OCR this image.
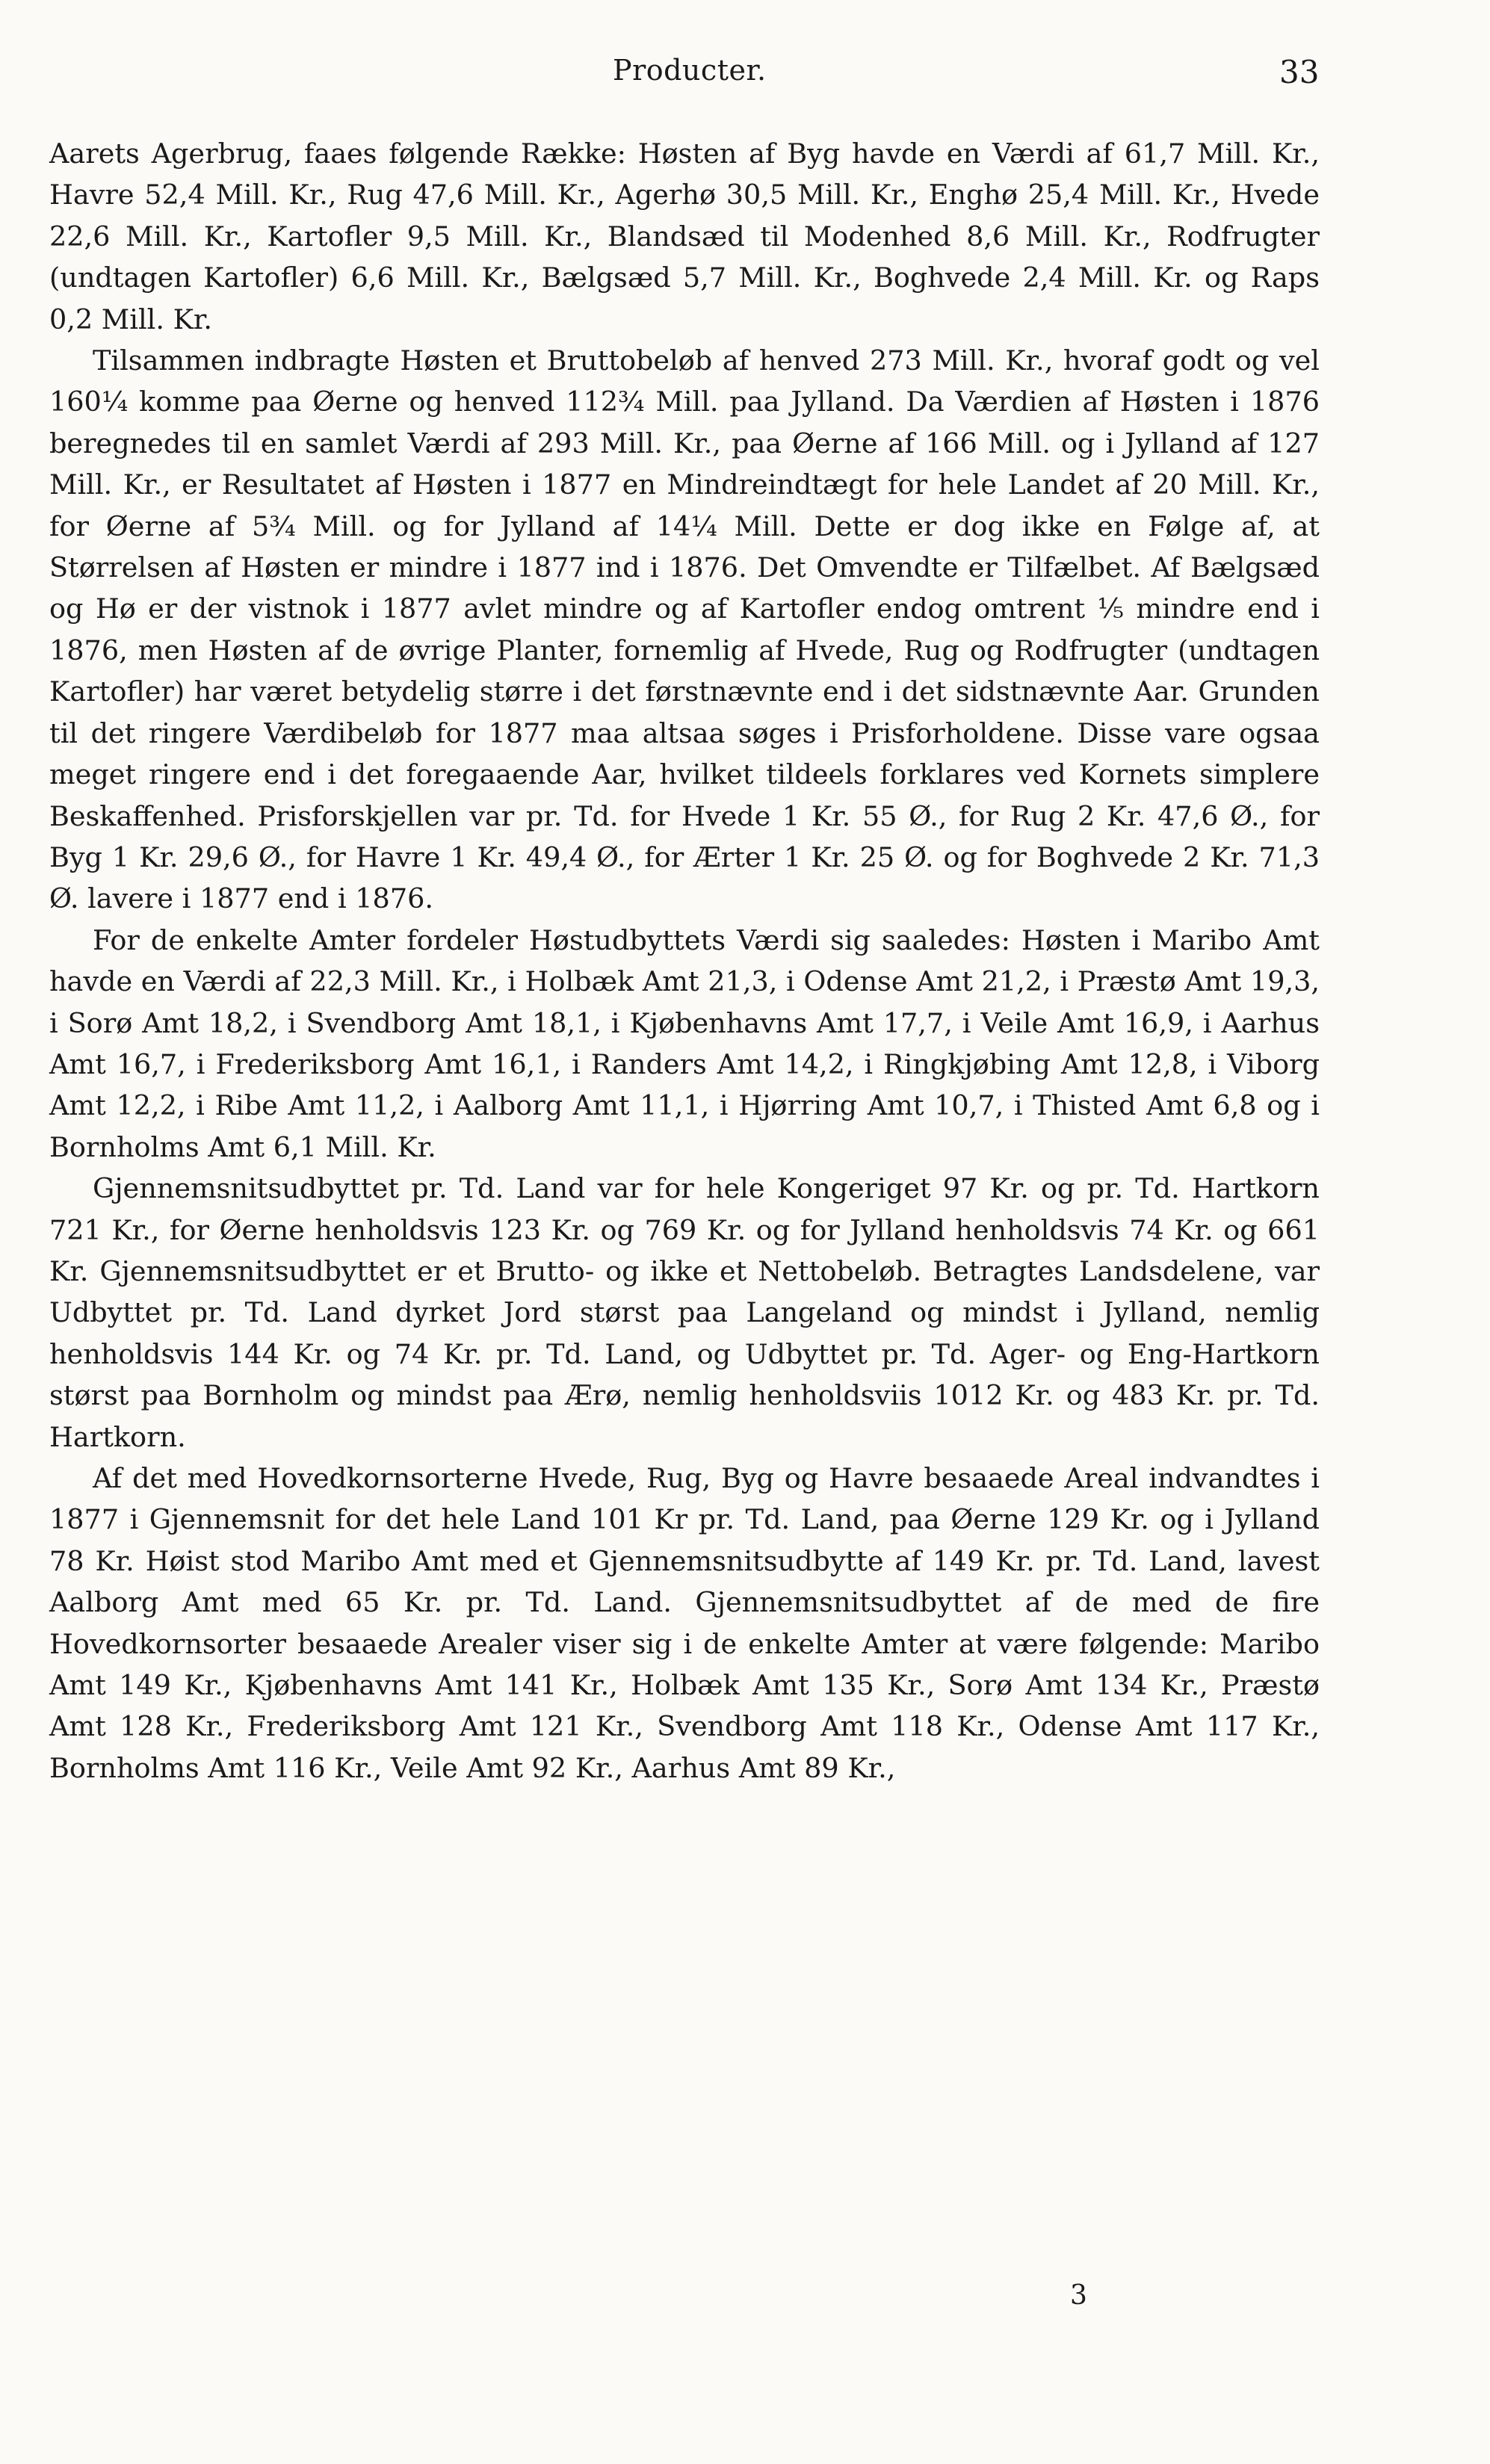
Producter.	33

Aarets Agerbrug, faaes følgende Række: Høsten af Byg havde en Værdi af 61,7 Mill. Kr., Havre 52,4 Mill. Kr., Rug 47,6 Mill. Kr., Agerhø 30,5 Mill. Kr., Enghø 25,4 Mill. Kr., Hvede 22,6 Mill. Kr., Kartofler 9,5 Mill. Kr., Blandsæd til Modenhed 8,6 Mill. Kr., Rodfrugter (undtagen Kartofler) 6,6 Mill. Kr., Bælgsæd 5,7 Mill. Kr., Boghvede 2,4 Mill. Kr. og Raps 0,2 Mill. Kr.

Tilsammen indbragte Høsten et Bruttobeløb af henved 273 Mill. Kr., hvoraf godt og vel 160¼ komme paa Øerne og henved 112¾ Mill. paa Jylland. Da Værdien af Høsten i 1876 beregnedes til en samlet Værdi af 293 Mill. Kr., paa Øerne af 166 Mill. og i Jylland af 127 Mill. Kr., er Resultatet af Høsten i 1877 en Mindreindtægt for hele Landet af 20 Mill. Kr., for Øerne af 5¾ Mill. og for Jylland af 14¼ Mill. Dette er dog ikke en Følge af, at Størrelsen af Høsten er mindre i 1877 ind i 1876. Det Omvendte er Tilfælbet. Af Bælgsæd og Hø er der vistnok i 1877 avlet mindre og af Kartofler endog omtrent ⅕ mindre end i 1876, men Høsten af de øvrige Planter, fornemlig af Hvede, Rug og Rodfrugter (undtagen Kartofler) har været betydelig større i det førstnævnte end i det sidstnævnte Aar. Grunden til det ringere Værdibeløb for 1877 maa altsaa søges i Prisforholdene. Disse vare ogsaa meget ringere end i det foregaaende Aar, hvilket tildeels forklares ved Kornets simplere Beskaffenhed. Prisforskjellen var pr. Td. for Hvede 1 Kr. 55 Ø., for Rug 2 Kr. 47,6 Ø., for Byg 1 Kr. 29,6 Ø., for Havre 1 Kr. 49,4 Ø., for Ærter 1 Kr. 25 Ø. og for Boghvede 2 Kr. 71,3 Ø. lavere i 1877 end i 1876.

For de enkelte Amter fordeler Høstudbyttets Værdi sig saaledes: Høsten i Maribo Amt havde en Værdi af 22,3 Mill. Kr., i Holbæk Amt 21,3, i Odense Amt 21,2, i Præstø Amt 19,3, i Sorø Amt 18,2, i Svendborg Amt 18,1, i Kjøbenhavns Amt 17,7, i Veile Amt 16,9, i Aarhus Amt 16,7, i Frederiksborg Amt 16,1, i Randers Amt 14,2, i Ringkjøbing Amt 12,8, i Viborg Amt 12,2, i Ribe Amt 11,2, i Aalborg Amt 11,1, i Hjørring Amt 10,7, i Thisted Amt 6,8 og i Bornholms Amt 6,1 Mill. Kr.

Gjennemsnitsudbyttet pr. Td. Land var for hele Kongeriget 97 Kr. og pr. Td. Hartkorn 721 Kr., for Øerne henholdsvis 123 Kr. og 769 Kr. og for Jylland henholdsvis 74 Kr. og 661 Kr. Gjennemsnitsudbyttet er et Brutto- og ikke et Nettobeløb. Betragtes Landsdelene, var Udbyttet pr. Td. Land dyrket Jord størst paa Langeland og mindst i Jylland, nemlig henholdsvis 144 Kr. og 74 Kr. pr. Td. Land, og Udbyttet pr. Td. Ager- og Eng-Hartkorn størst paa Bornholm og mindst paa Ærø, nemlig henholdsviis 1012 Kr. og 483 Kr. pr. Td. Hartkorn.

Af det med Hovedkornsorterne Hvede, Rug, Byg og Havre besaaede Areal indvandtes i 1877 i Gjennemsnit for det hele Land 101 Kr pr. Td. Land, paa Øerne 129 Kr. og i Jylland 78 Kr. Høist stod Maribo Amt med et Gjennemsnitsudbytte af 149 Kr. pr. Td. Land, lavest Aalborg Amt med 65 Kr. pr. Td. Land. Gjennemsnitsudbyttet af de med de fire Hovedkornsorter besaaede Arealer viser sig i de enkelte Amter at være følgende: Maribo Amt 149 Kr., Kjøbenhavns Amt 141 Kr., Holbæk Amt 135 Kr., Sorø Amt 134 Kr., Præstø Amt 128 Kr., Frederiksborg Amt 121 Kr., Svendborg Amt 118 Kr., Odense Amt 117 Kr., Bornholms Amt 116 Kr., Veile Amt 92 Kr., Aarhus Amt 89 Kr.,

3
